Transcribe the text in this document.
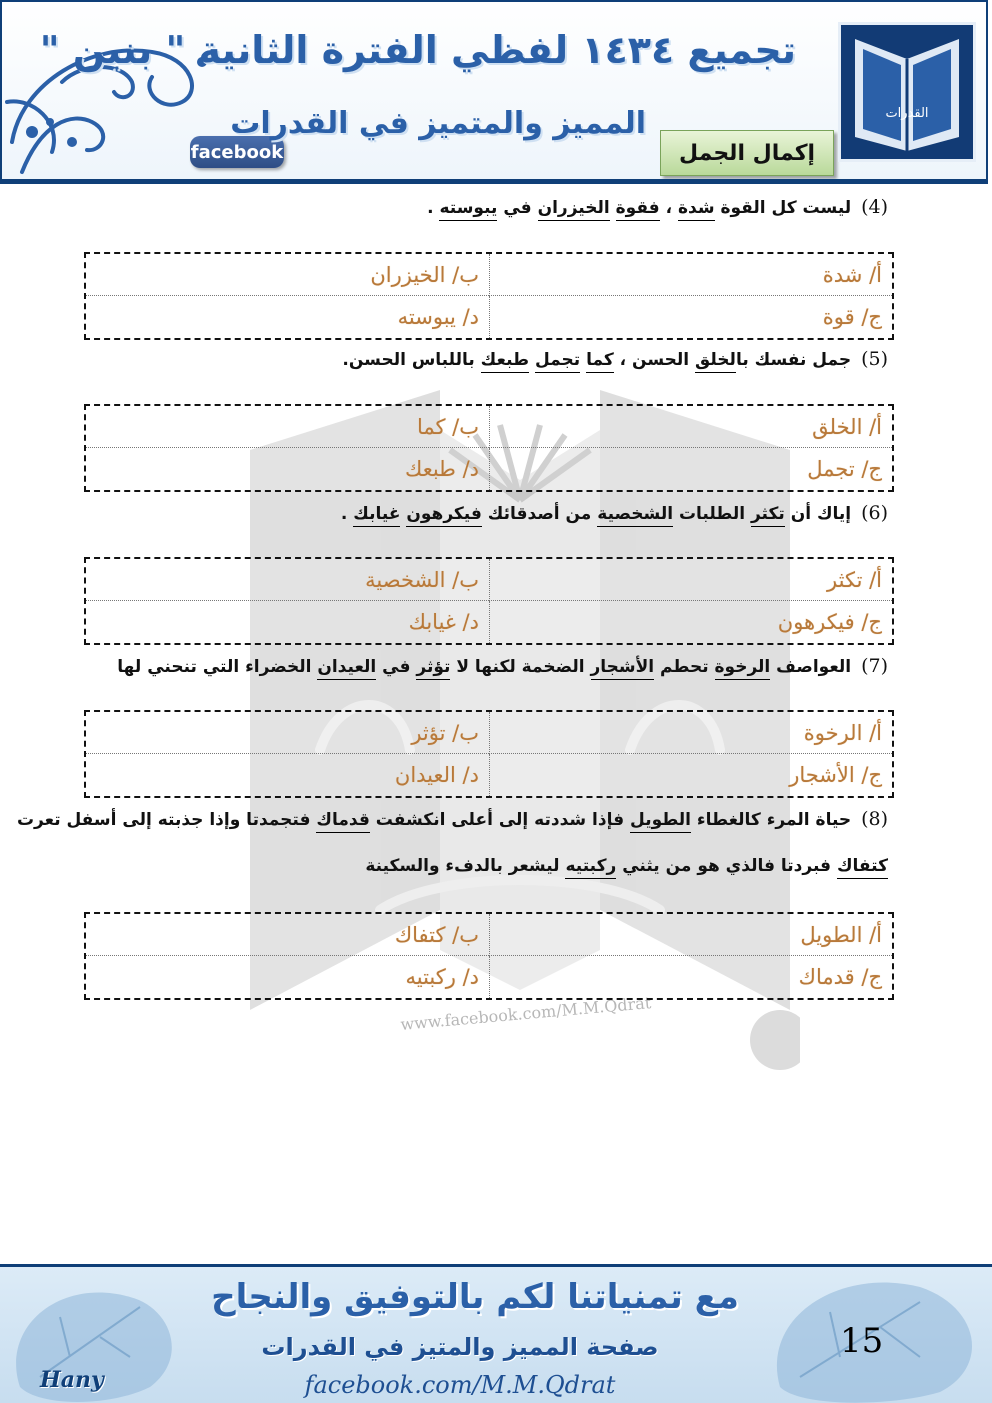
facebook
تجميع ١٤٣٤ لفظي الفترة الثانية " بنين "
المميز والمتميز في القدرات
إكمال الجمل
القدرات
www.facebook.com/M.M.Qdrat
(4) ليست كل القوة شدة ، فقوة الخيزران في يبوسته .
أ/ شدة
ب/ الخيزران
ج/ قوة
د/ يبوسته
(5) جمل نفسك بالخلق الحسن ، كما تجمل طبعك باللباس الحسن.
أ/ الخلق
ب/ كما
ج/ تجمل
د/ طبعك
(6) إياك أن تكثر الطلبات الشخصية من أصدقائك فيكرهون غيابك .
أ/ تكثر
ب/ الشخصية
ج/ فيكرهون
د/ غيابك
(7) العواصف الرخوة تحطم الأشجار الضخمة لكنها لا تؤثر في العيدان الخضراء التي تنحني لها
أ/ الرخوة
ب/ تؤثر
ج/ الأشجار
د/ العيدان
(8) حياة المرء كالغطاء الطويل فإذا شددته إلى أعلى انكشفت قدماك فتجمدتا وإذا جذبته إلى أسفل تعرت
كتفاك فبردتا فالذي هو من يثني ركبتيه ليشعر بالدفء والسكينة
أ/ الطويل
ب/ كتفاك
ج/ قدماك
د/ ركبتيه
مع تمنياتنا لكم بالتوفيق والنجاح
صفحة المميز والمتيز في القدرات
facebook.com/M.M.Qdrat
Hany
15
